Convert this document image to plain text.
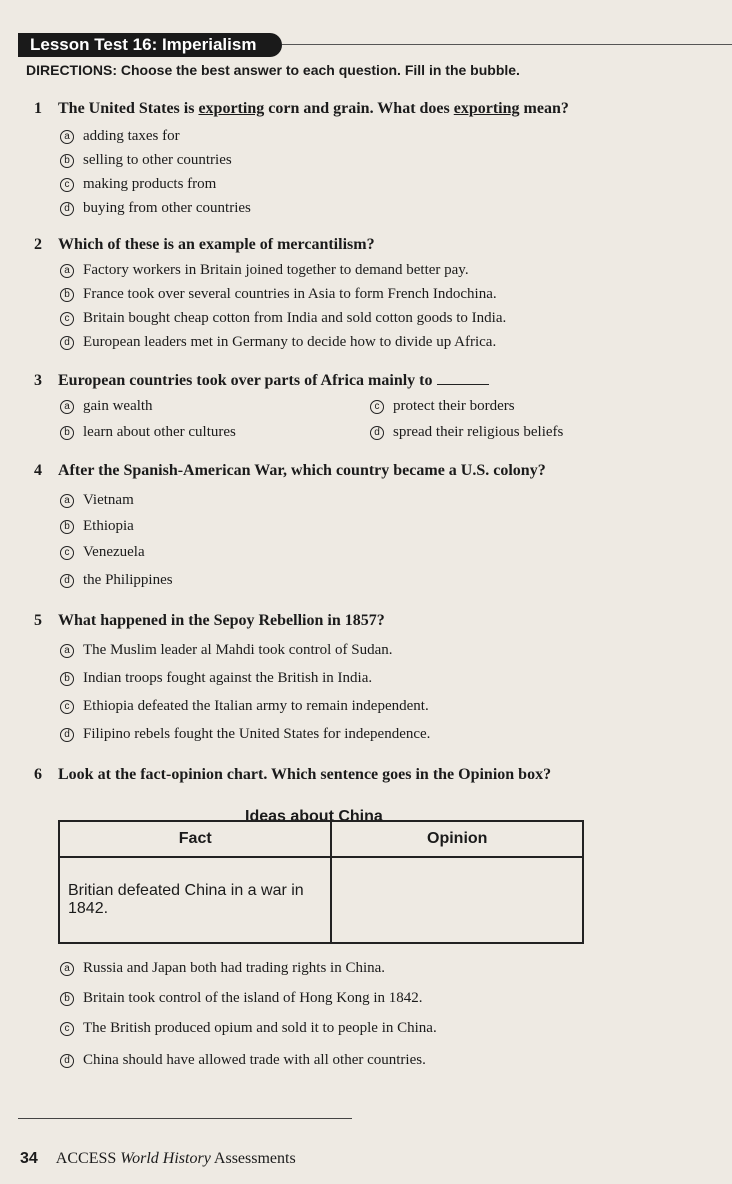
Lesson Test 16: Imperialism
DIRECTIONS: Choose the best answer to each question. Fill in the bubble.
1 The United States is exporting corn and grain. What does exporting mean?
a adding taxes for
b selling to other countries
c making products from
d buying from other countries
2 Which of these is an example of mercantilism?
a Factory workers in Britain joined together to demand better pay.
b France took over several countries in Asia to form French Indochina.
c Britain bought cheap cotton from India and sold cotton goods to India.
d European leaders met in Germany to decide how to divide up Africa.
3 European countries took over parts of Africa mainly to
a gain wealth
b learn about other cultures
c protect their borders
d spread their religious beliefs
4 After the Spanish-American War, which country became a U.S. colony?
a Vietnam
b Ethiopia
c Venezuela
d the Philippines
5 What happened in the Sepoy Rebellion in 1857?
a The Muslim leader al Mahdi took control of Sudan.
b Indian troops fought against the British in India.
c Ethiopia defeated the Italian army to remain independent.
d Filipino rebels fought the United States for independence.
6 Look at the fact-opinion chart. Which sentence goes in the Opinion box?
Ideas about China
Fact	Opinion
Britian defeated China in a war in 1842.	
a Russia and Japan both had trading rights in China.
b Britain took control of the island of Hong Kong in 1842.
c The British produced opium and sold it to people in China.
d China should have allowed trade with all other countries.
34 ACCESS World History Assessments
